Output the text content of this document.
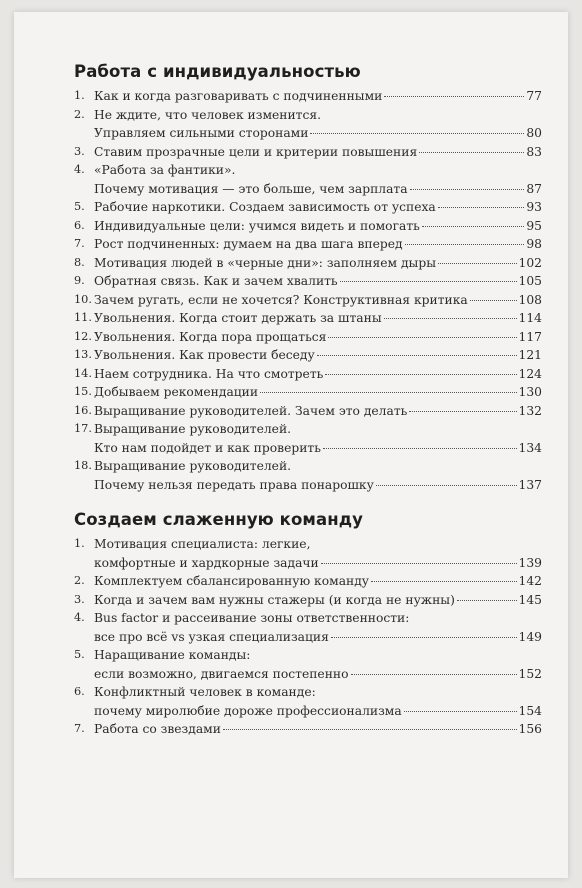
Работа с индивидуальностью
1. Как и когда разговаривать с подчиненными	77
2. Не ждите, что человек изменится.
Управляем сильными сторонами	80
3. Ставим прозрачные цели и критерии повышения	83
4. «Работа за фантики».
Почему мотивация — это больше, чем зарплата	87
5. Рабочие наркотики. Создаем зависимость от успеха	93
6. Индивидуальные цели: учимся видеть и помогать	95
7. Рост подчиненных: думаем на два шага вперед	98
8. Мотивация людей в «черные дни»: заполняем дыры	102
9. Обратная связь. Как и зачем хвалить	105
10. Зачем ругать, если не хочется? Конструктивная критика	108
11. Увольнения. Когда стоит держать за штаны	114
12. Увольнения. Когда пора прощаться	117
13. Увольнения. Как провести беседу	121
14. Наем сотрудника. На что смотреть	124
15. Добываем рекомендации	130
16. Выращивание руководителей. Зачем это делать	132
17. Выращивание руководителей.
Кто нам подойдет и как проверить	134
18. Выращивание руководителей.
Почему нельзя передать права понарошку	137
Создаем слаженную команду
1. Мотивация специалиста: легкие,
комфортные и хардкорные задачи	139
2. Комплектуем сбалансированную команду	142
3. Когда и зачем вам нужны стажеры (и когда не нужны)	145
4. Bus factor и рассеивание зоны ответственности:
все про всё vs узкая специализация	149
5. Наращивание команды:
если возможно, двигаемся постепенно	152
6. Конфликтный человек в команде:
почему миролюбие дороже профессионализма	154
7. Работа со звездами	156
